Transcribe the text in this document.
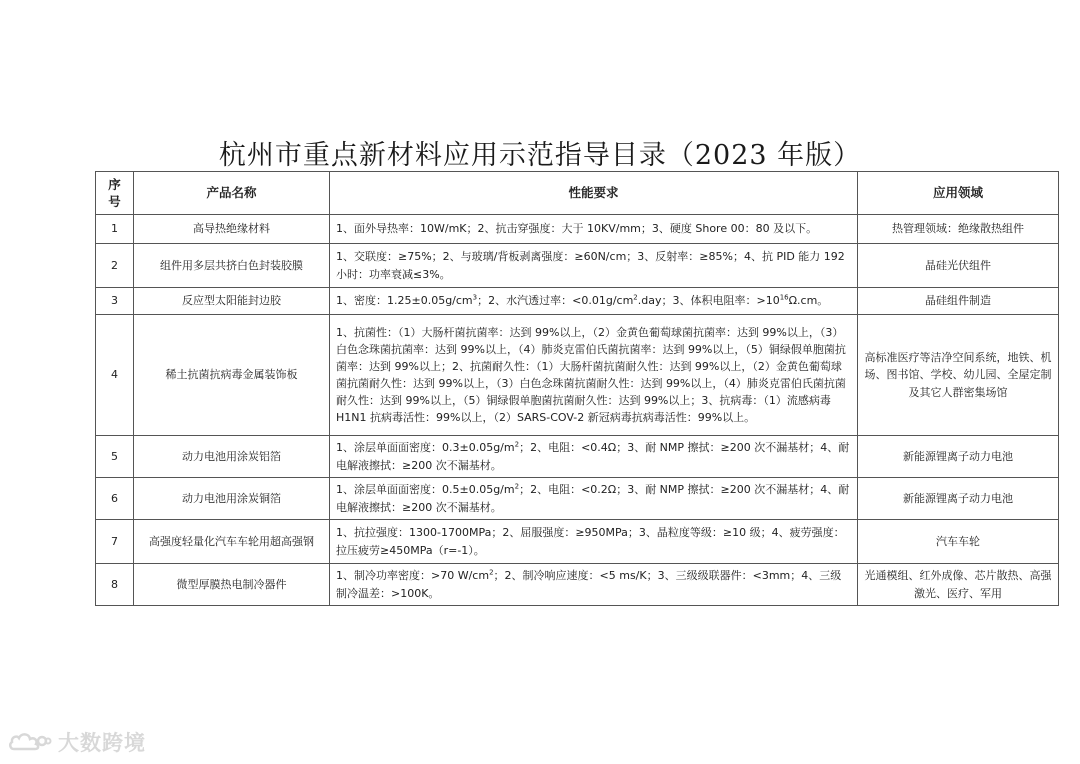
杭州市重点新材料应用示范指导目录（2023 年版）
序
号	产品名称	性能要求	应用领域
1	高导热绝缘材料	1、面外导热率：10W/mK；2、抗击穿强度：大于 10KV/mm；3、硬度 Shore 00：80 及以下。	热管理领域：绝缘散热组件
2	组件用多层共挤白色封装胶膜	1、交联度：≥75%；2、与玻璃/背板剥离强度：≥60N/cm；3、反射率：≥85%；4、抗 PID 能力 192 小时：功率衰减≤3%。	晶硅光伏组件
3	反应型太阳能封边胶	1、密度：$1.25\pm 0.05g/cm^3$；2、水汽透过率：$<0.01g/cm^2.day$；3、体积电阻率：$>10^{16}\Omega.cm$。	晶硅组件制造
4	稀土抗菌抗病毒金属装饰板	1、抗菌性：（1）大肠杆菌抗菌率：达到 99%以上，（2）金黄色葡萄球菌抗菌率：达到 99%以上，（3）白色念珠菌抗菌率：达到 99%以上，（4）肺炎克雷伯氏菌抗菌率：达到 99%以上，（5）铜绿假单胞菌抗菌率：达到 99%以上；2、抗菌耐久性：（1）大肠杆菌抗菌耐久性：达到 99%以上，（2）金黄色葡萄球菌抗菌耐久性：达到 99%以上，（3）白色念珠菌抗菌耐久性：达到 99%以上，（4）肺炎克雷伯氏菌抗菌耐久性：达到 99%以上，（5）铜绿假单胞菌抗菌耐久性：达到 99%以上；3、抗病毒：（1）流感病毒 H1N1 抗病毒活性：99%以上，（2）SARS-COV-2 新冠病毒抗病毒活性：99%以上。	高标准医疗等洁净空间系统，地铁、机场、图书馆、学校、幼儿园、全屋定制及其它人群密集场馆
5	动力电池用涂炭铝箔	1、涂层单面面密度：$0.3\pm 0.05g/m^2$；2、电阻：<0.4Ω；3、耐 NMP 擦拭：≥200 次不漏基材；4、耐电解液擦拭：≥200 次不漏基材。	新能源锂离子动力电池
6	动力电池用涂炭铜箔	1、涂层单面面密度：$0.5\pm 0.05g/m^2$；2、电阻：<0.2Ω；3、耐 NMP 擦拭：≥200 次不漏基材；4、耐电解液擦拭：≥200 次不漏基材。	新能源锂离子动力电池
7	高强度轻量化汽车车轮用超高强钢	1、抗拉强度：1300-1700MPa；2、屈服强度：≥950MPa；3、晶粒度等级：≥10 级；4、疲劳强度：拉压疲劳≥450MPa（r=-1）。	汽车车轮
8	微型厚膜热电制冷器件	1、制冷功率密度：>70 $W/cm^2$；2、制冷响应速度：<5 ms/K；3、三级级联器件：<3mm；4、三级制冷温差：>100K。	光通模组、红外成像、芯片散热、高强激光、医疗、军用
大数跨境
